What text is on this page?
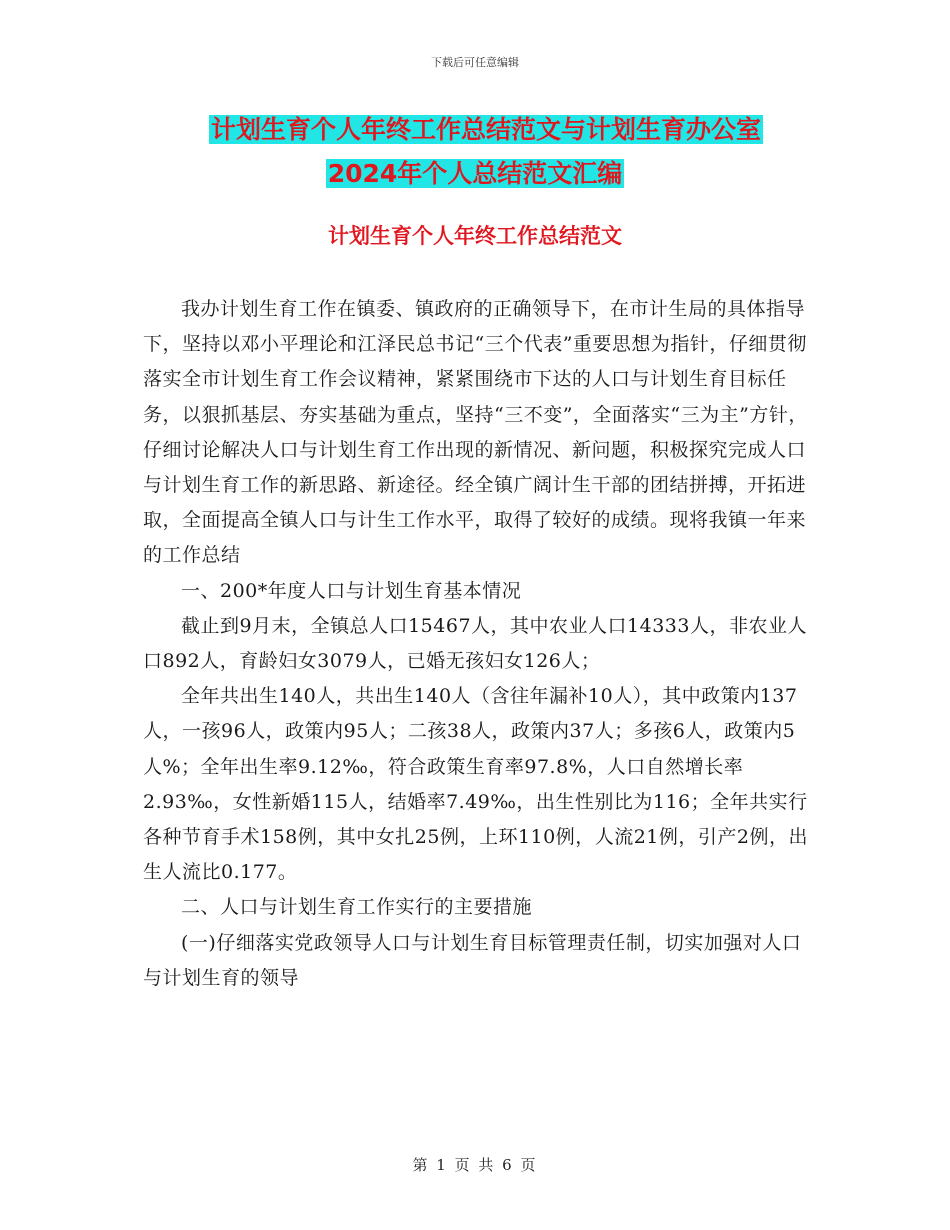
下载后可任意编辑
计划生育个人年终工作总结范文与计划生育办公室
2024年个人总结范文汇编
计划生育个人年终工作总结范文

我办计划生育工作在镇委、镇政府的正确领导下，在市计生局的具体指导下，坚持以邓小平理论和江泽民总书记“三个代表”重要思想为指针，仔细贯彻落实全市计划生育工作会议精神，紧紧围绕市下达的人口与计划生育目标任务，以狠抓基层、夯实基础为重点，坚持“三不变”，全面落实“三为主”方针，仔细讨论解决人口与计划生育工作出现的新情况、新问题，积极探究完成人口与计划生育工作的新思路、新途径。经全镇广阔计生干部的团结拼搏，开拓进取，全面提高全镇人口与计生工作水平，取得了较好的成绩。现将我镇一年来的工作总结

一、200*年度人口与计划生育基本情况

截止到9月末，全镇总人口15467人，其中农业人口14333人，非农业人口892人，育龄妇女3079人，已婚无孩妇女126人；

全年共出生140人，共出生140人（含往年漏补10人），其中政策内137人，一孩96人，政策内95人；二孩38人，政策内37人；多孩6人，政策内5人%；全年出生率9.12‰，符合政策生育率97.8%，人口自然增长率2.93‰，女性新婚115人，结婚率7.49‰，出生性别比为116；全年共实行各种节育手术158例，其中女扎25例，上环110例，人流21例，引产2例，出生人流比0.177。

二、人口与计划生育工作实行的主要措施

(一)仔细落实党政领导人口与计划生育目标管理责任制，切实加强对人口与计划生育的领导

第 1 页 共 6 页
